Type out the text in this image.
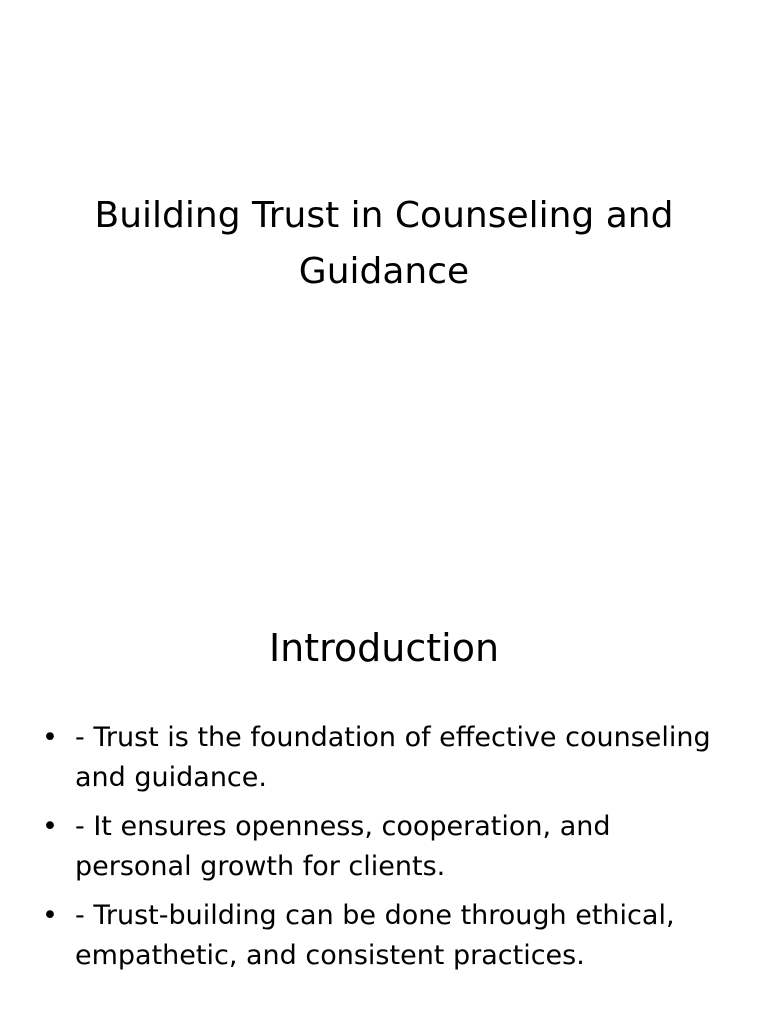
Building Trust in Counseling and Guidance
Introduction
• - Trust is the foundation of effective counseling and guidance.
• - It ensures openness, cooperation, and personal growth for clients.
• - Trust-building can be done through ethical, empathetic, and consistent practices.
